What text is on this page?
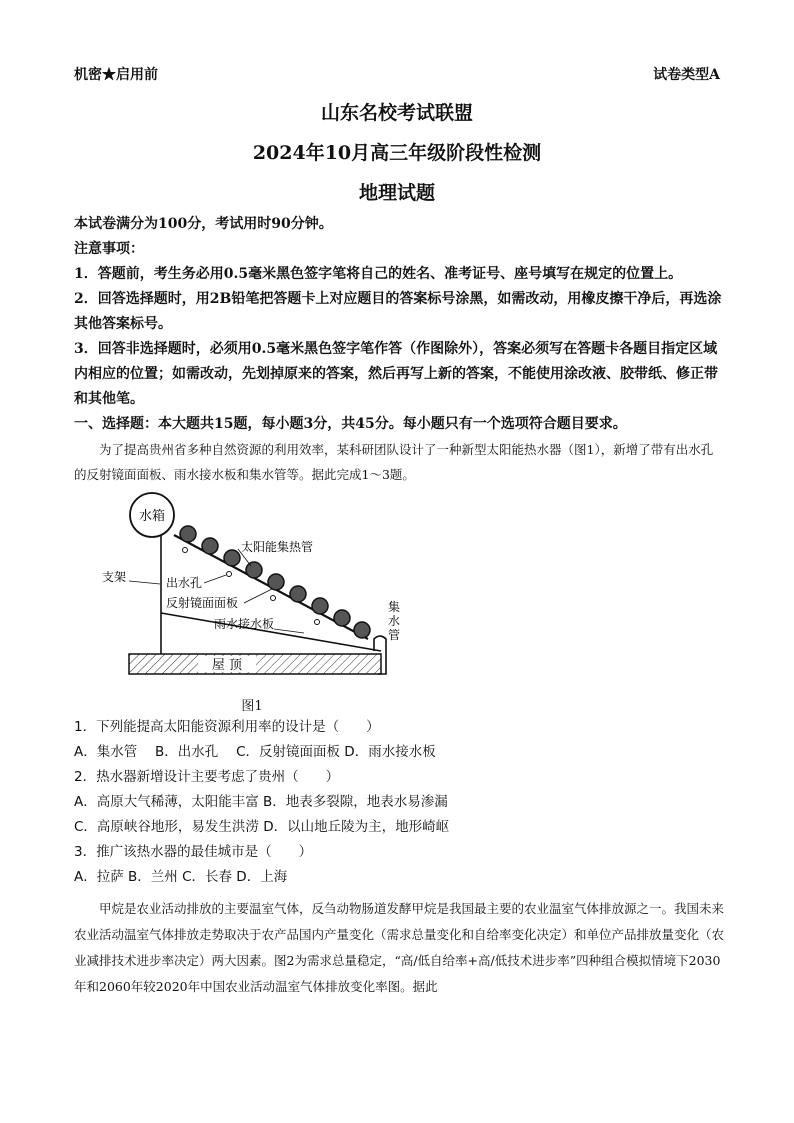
机密★启用前	试卷类型A
山东名校考试联盟
2024年10月高三年级阶段性检测
地理试题

本试卷满分为100分，考试用时90分钟。

注意事项：

1．答题前，考生务必用0.5毫米黑色签字笔将自己的姓名、准考证号、座号填写在规定的位置上。

2．回答选择题时，用2B铅笔把答题卡上对应题目的答案标号涂黑，如需改动，用橡皮擦干净后，再选涂其他答案标号。

3．回答非选择题时，必须用0.5毫米黑色签字笔作答（作图除外），答案必须写在答题卡各题目指定区域内相应的位置；如需改动，先划掉原来的答案，然后再写上新的答案，不能使用涂改液、胶带纸、修正带和其他笔。

一、选择题：本大题共15题，每小题3分，共45分。每小题只有一个选项符合题目要求。

为了提高贵州省多种自然资源的利用效率，某科研团队设计了一种新型太阳能热水器（图1），新增了带有出水孔的反射镜面面板、雨水接水板和集水管等。据此完成1～3题。

屋 顶
水箱
支架
集
水
管
太阳能集热管
出水孔
反射镜面面板
雨水接水板
图1

1．下列能提高太阳能资源利用率的设计是（　　）

A．集水管　 B．出水孔　 C．反射镜面面板 D．雨水接水板

2．热水器新增设计主要考虑了贵州（　　）

A．高原大气稀薄，太阳能丰富 B．地表多裂隙，地表水易渗漏

C．高原峡谷地形，易发生洪涝 D．以山地丘陵为主，地形崎岖

3．推广该热水器的最佳城市是（　　）

A．拉萨 B．兰州 C．长春 D．上海

甲烷是农业活动排放的主要温室气体，反刍动物肠道发酵甲烷是我国最主要的农业温室气体排放源之一。我国未来农业活动温室气体排放走势取决于农产品国内产量变化（需求总量变化和自给率变化决定）和单位产品排放量变化（农业减排技术进步率决定）两大因素。图2为需求总量稳定，“高/低自给率+高/低技术进步率”四种组合模拟情境下2030年和2060年较2020年中国农业活动温室气体排放变化率图。据此
